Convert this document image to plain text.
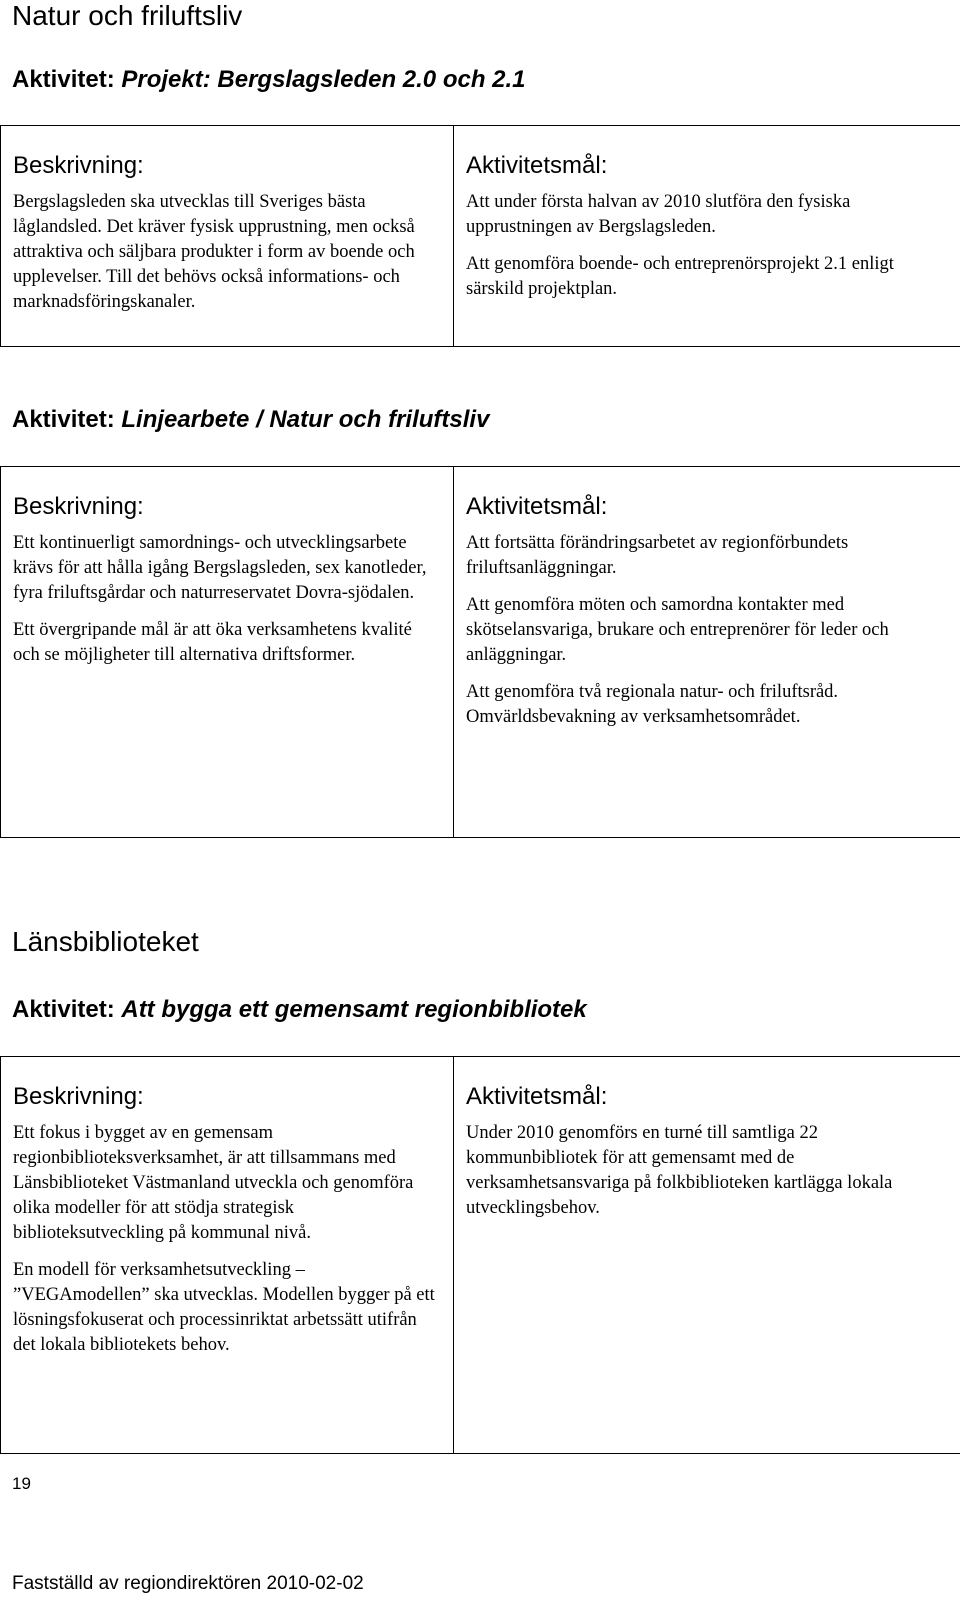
Natur och friluftsliv
Aktivitet: Projekt: Bergslagsleden 2.0 och 2.1

Beskrivning:

Bergslagsleden ska utvecklas till Sveriges bästa låglandsled. Det kräver fysisk upprustning, men också attraktiva och säljbara produkter i form av boende och upplevelser. Till det behövs också informations- och marknadsföringskanaler.

Aktivitetsmål:

Att under första halvan av 2010 slutföra den fysiska upprustningen av Bergslagsleden.

Att genomföra boende- och entreprenörsprojekt 2.1 enligt särskild projektplan.

Aktivitet: Linjearbete / Natur och friluftsliv

Beskrivning:

Ett kontinuerligt samordnings- och utvecklingsarbete krävs för att hålla igång Bergslagsleden, sex kanotleder, fyra friluftsgårdar och naturreservatet Dovra-sjödalen.

Ett övergripande mål är att öka verksamhetens kvalité och se möjligheter till alternativa driftsformer.

Aktivitetsmål:

Att fortsätta förändringsarbetet av regionförbundets friluftsanläggningar.

Att genomföra möten och samordna kontakter med skötselansvariga, brukare och entreprenörer för leder och anläggningar.

Att genomföra två regionala natur- och friluftsråd. Omvärldsbevakning av verksamhetsområdet.

Länsbiblioteket
Aktivitet: Att bygga ett gemensamt regionbibliotek

Beskrivning:

Ett fokus i bygget av en gemensam regionbiblioteksverksamhet, är att tillsammans med Länsbiblioteket Västmanland utveckla och genomföra olika modeller för att stödja strategisk biblioteksutveckling på kommunal nivå.

En modell för verksamhetsutveckling – ”VEGAmodellen” ska utvecklas. Modellen bygger på ett lösningsfokuserat och processinriktat arbetssätt utifrån det lokala bibliotekets behov.

Aktivitetsmål:

Under 2010 genomförs en turné till samtliga 22 kommunbibliotek för att gemensamt med de verksamhetsansvariga på folkbiblioteken kartlägga lokala utvecklingsbehov.

19
Fastställd av regiondirektören 2010-02-02
